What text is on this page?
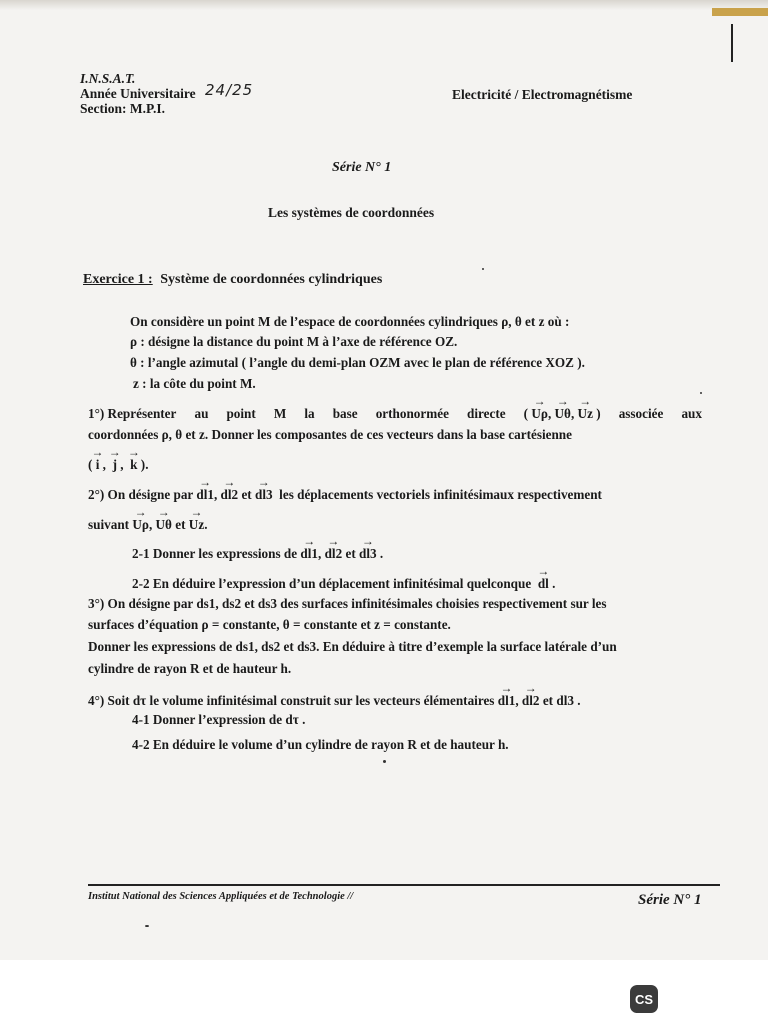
I.N.S.A.T.
Année Universitaire 24/25
Section: M.P.I.
Electricité / Electromagnétisme
Série N° 1
Les systèmes de coordonnées
Exercice 1 : Système de coordonnées cylindriques
On considère un point M de l’espace de coordonnées cylindriques ρ, θ et z où :
ρ : désigne la distance du point M à l’axe de référence OZ.
θ : l’angle azimutal ( l’angle du demi-plan OZM avec le plan de référence XOZ ).
z : la côte du point M.
1°) Représenter au point M la base orthonormée directe ( → Uρ, → Uθ, → Uz ) associée aux
coordonnées ρ, θ et z. Donner les composantes de ces vecteurs dans la base cartésienne
( → i ,  → j ,  → k ).
2°) On désigne par → dl1, → dl2 et → dl3 les déplacements vectoriels infinitésimaux respectivement
suivant → Uρ, → Uθ et → Uz.
2-1 Donner les expressions de → dl1, → dl2 et → dl3 .
2-2 En déduire l’expression d’un déplacement infinitésimal quelconque → dl .
3°) On désigne par ds1, ds2 et ds3 des surfaces infinitésimales choisies respectivement sur les
surfaces d’équation ρ = constante, θ = constante et z = constante.
Donner les expressions de ds1, ds2 et ds3. En déduire à titre d’exemple la surface latérale d’un
cylindre de rayon R et de hauteur h.
4°) Soit dτ le volume infinitésimal construit sur les vecteurs élémentaires → dl1, → dl2 et dl3 .
4-1 Donner l’expression de dτ .
4-2 En déduire le volume d’un cylindre de rayon R et de hauteur h.
Institut National des Sciences Appliquées et de Technologie //	Série N° 1
CS
